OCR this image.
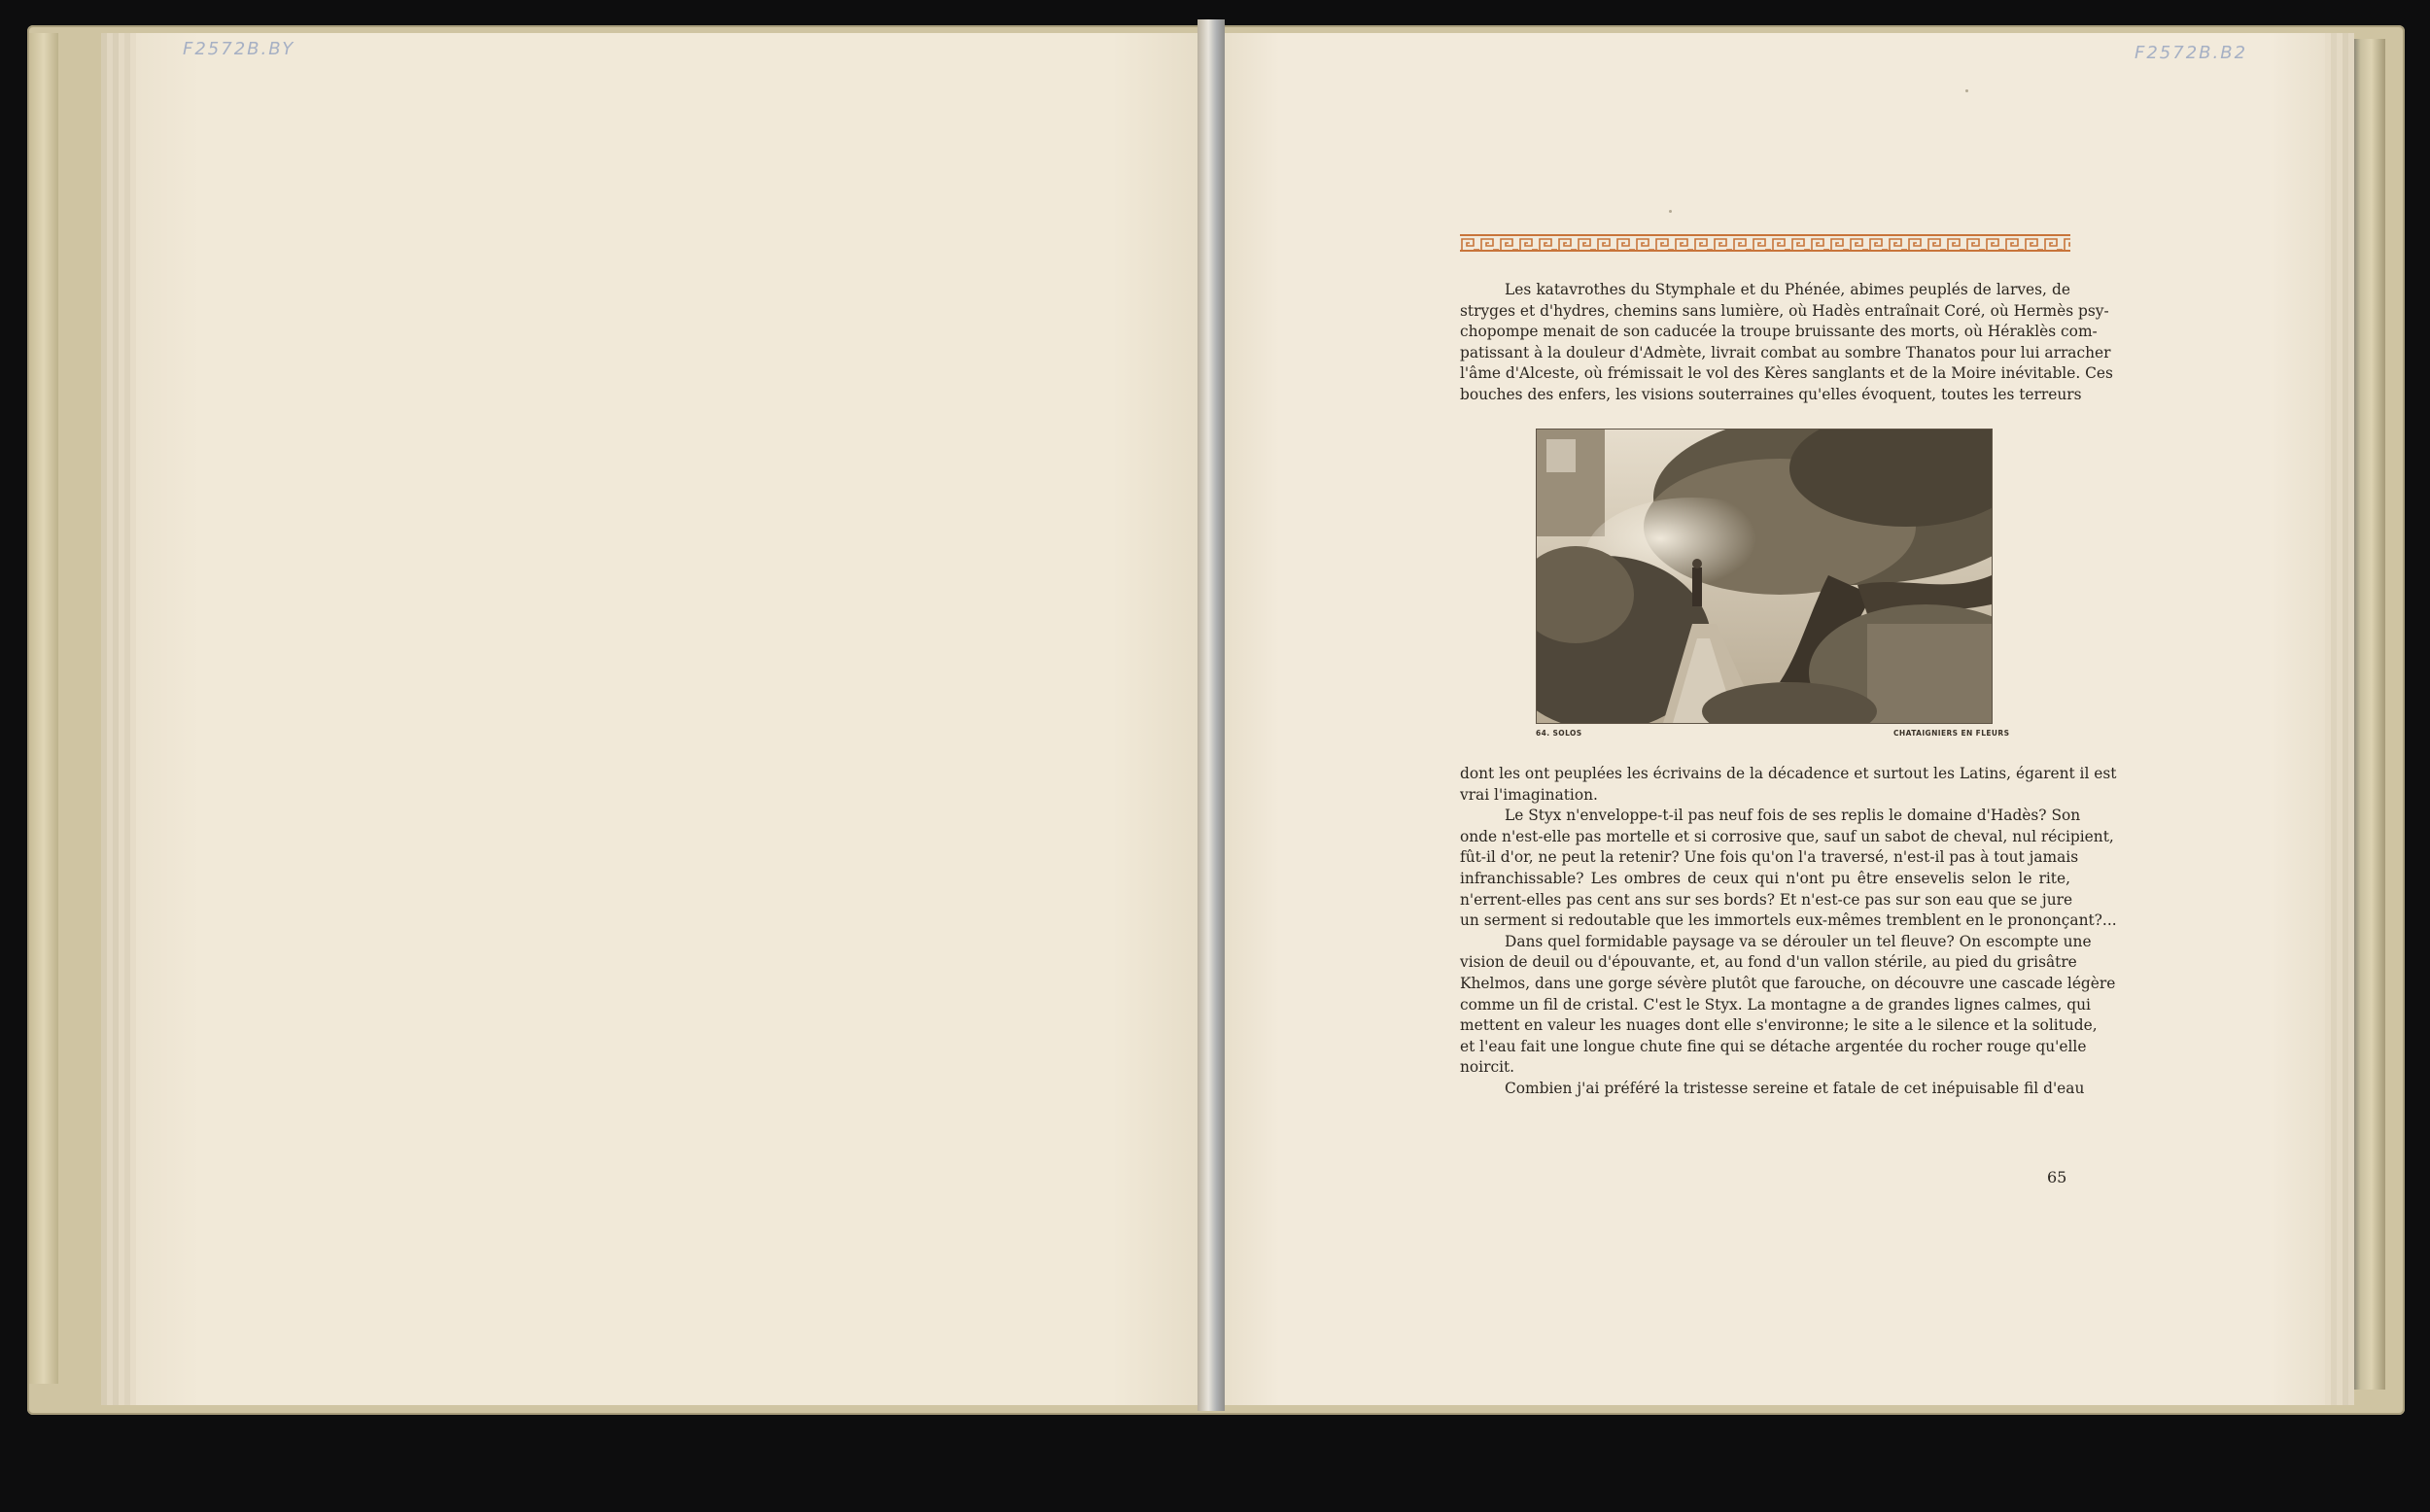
F2572B.BY	F2572B.B2
Les katavrothes du Stymphale et du Phénée, abimes peuplés de larves, de
stryges et d'hydres, chemins sans lumière, où Hadès entraînait Coré, où Hermès psy-
chopompe menait de son caducée la troupe bruissante des morts, où Héraklès com-
patissant à la douleur d'Admète, livrait combat au sombre Thanatos pour lui arracher
l'âme d'Alceste, où frémissait le vol des Kères sanglants et de la Moire inévitable. Ces
bouches des enfers, les visions souterraines qu'elles évoquent, toutes les terreurs
64. SOLOS	CHATAIGNIERS EN FLEURS
dont les ont peuplées les écrivains de la décadence et surtout les Latins, égarent il est
vrai l'imagination.
Le Styx n'enveloppe-t-il pas neuf fois de ses replis le domaine d'Hadès? Son
onde n'est-elle pas mortelle et si corrosive que, sauf un sabot de cheval, nul récipient,
fût-il d'or, ne peut la retenir? Une fois qu'on l'a traversé, n'est-il pas à tout jamais
infranchissable? Les ombres de ceux qui n'ont pu être ensevelis selon le rite,
n'errent-elles pas cent ans sur ses bords? Et n'est-ce pas sur son eau que se jure
un serment si redoutable que les immortels eux-mêmes tremblent en le prononçant?...
Dans quel formidable paysage va se dérouler un tel fleuve? On escompte une
vision de deuil ou d'épouvante, et, au fond d'un vallon stérile, au pied du grisâtre
Khelmos, dans une gorge sévère plutôt que farouche, on découvre une cascade légère
comme un fil de cristal. C'est le Styx. La montagne a de grandes lignes calmes, qui
mettent en valeur les nuages dont elle s'environne; le site a le silence et la solitude,
et l'eau fait une longue chute fine qui se détache argentée du rocher rouge qu'elle
noircit.
Combien j'ai préféré la tristesse sereine et fatale de cet inépuisable fil d'eau
65
